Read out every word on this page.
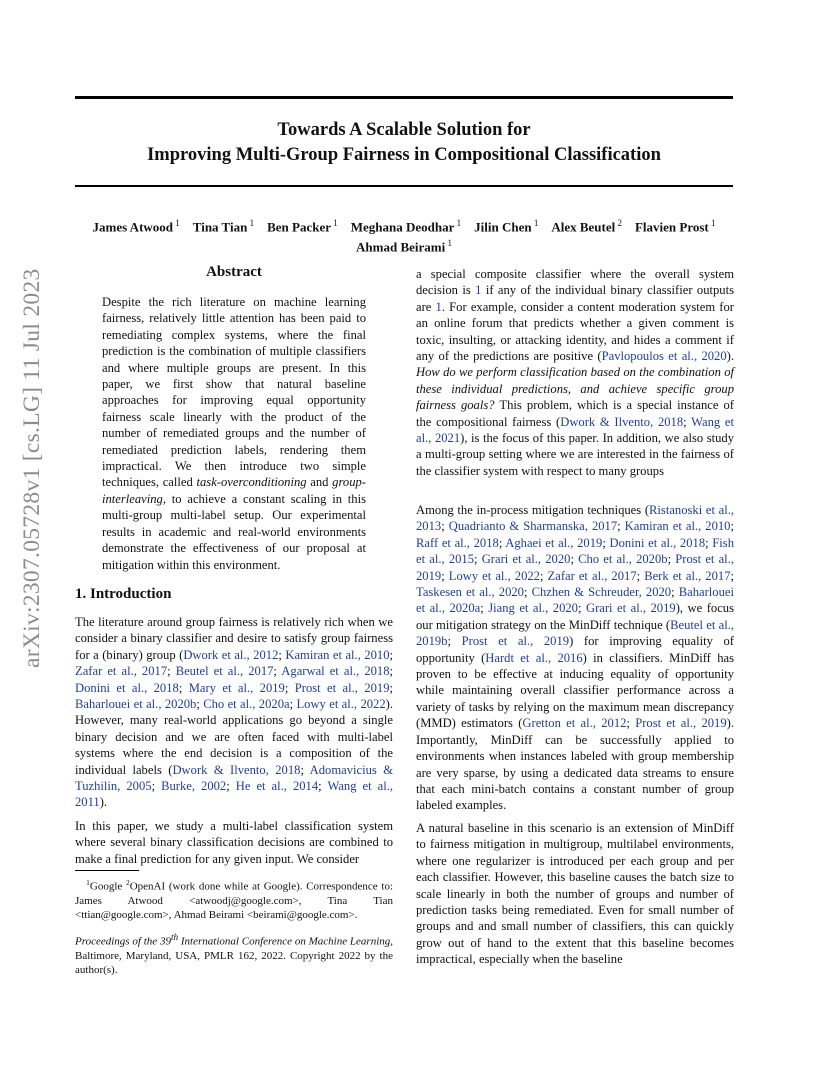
Towards A Scalable Solution for
Improving Multi-Group Fairness in Compositional Classification
James Atwood $^1$  Tina Tian $^1$  Ben Packer $^1$  Meghana Deodhar $^1$  Jilin Chen $^1$  Alex Beutel $^2$  Flavien Prost $^1$
Ahmad Beirami $^1$
arXiv:2307.05728v1 [cs.LG] 11 Jul 2023	Abstract
Despite the rich literature on machine learning fairness, relatively little attention has been paid to remediating complex systems, where the final prediction is the combination of multiple classifiers and where multiple groups are present. In this paper, we first show that natural baseline approaches for improving equal opportunity fairness scale linearly with the product of the number of remediated groups and the number of remediated prediction labels, rendering them impractical. We then introduce two simple techniques, called task-overconditioning and group-interleaving, to achieve a constant scaling in this multi-group multi-label setup. Our experimental results in academic and real-world environments demonstrate the effectiveness of our proposal at mitigation within this environment.
1. Introduction
The literature around group fairness is relatively rich when we consider a binary classifier and desire to satisfy group fairness for a (binary) group (Dwork et al., 2012; Kamiran et al., 2010; Zafar et al., 2017; Beutel et al., 2017; Agarwal et al., 2018; Donini et al., 2018; Mary et al., 2019; Prost et al., 2019; Baharlouei et al., 2020b; Cho et al., 2020a; Lowy et al., 2022). However, many real-world applications go beyond a single binary decision and we are often faced with multi-label systems where the end decision is a composition of the individual labels (Dwork & Ilvento, 2018; Adomavicius & Tuzhilin, 2005; Burke, 2002; He et al., 2014; Wang et al., 2011).
In this paper, we study a multi-label classification system where several binary classification decisions are combined to make a final prediction for any given input. We consider
$^1$Google $^2$OpenAI (work done while at Google). Correspondence to: James Atwood <atwoodj@google.com>, Tina Tian <ttian@google.com>, Ahmad Beirami <beirami@google.com>.
Proceedings of the 39th International Conference on Machine Learning, Baltimore, Maryland, USA, PMLR 162, 2022. Copyright 2022 by the author(s).
a special composite classifier where the overall system decision is 1 if any of the individual binary classifier outputs are 1. For example, consider a content moderation system for an online forum that predicts whether a given comment is toxic, insulting, or attacking identity, and hides a comment if any of the predictions are positive (Pavlopoulos et al., 2020). How do we perform classification based on the combination of these individual predictions, and achieve specific group fairness goals? This problem, which is a special instance of the compositional fairness (Dwork & Ilvento, 2018; Wang et al., 2021), is the focus of this paper. In addition, we also study a multi-group setting where we are interested in the fairness of the classifier system with respect to many groups
Among the in-process mitigation techniques (Ristanoski et al., 2013; Quadrianto & Sharmanska, 2017; Kamiran et al., 2010; Raff et al., 2018; Aghaei et al., 2019; Donini et al., 2018; Fish et al., 2015; Grari et al., 2020; Cho et al., 2020b; Prost et al., 2019; Lowy et al., 2022; Zafar et al., 2017; Berk et al., 2017; Taskesen et al., 2020; Chzhen & Schreuder, 2020; Baharlouei et al., 2020a; Jiang et al., 2020; Grari et al., 2019), we focus our mitigation strategy on the MinDiff technique (Beutel et al., 2019b; Prost et al., 2019) for improving equality of opportunity (Hardt et al., 2016) in classifiers. MinDiff has proven to be effective at inducing equality of opportunity while maintaining overall classifier performance across a variety of tasks by relying on the maximum mean discrepancy (MMD) estimators (Gretton et al., 2012; Prost et al., 2019). Importantly, MinDiff can be successfully applied to environments when instances labeled with group membership are very sparse, by using a dedicated data streams to ensure that each mini-batch contains a constant number of group labeled examples.
A natural baseline in this scenario is an extension of MinDiff to fairness mitigation in multigroup, multilabel environments, where one regularizer is introduced per each group and per each classifier. However, this baseline causes the batch size to scale linearly in both the number of groups and number of prediction tasks being remediated. Even for small number of groups and and small number of classifiers, this can quickly grow out of hand to the extent that this baseline becomes impractical, especially when the baseline
